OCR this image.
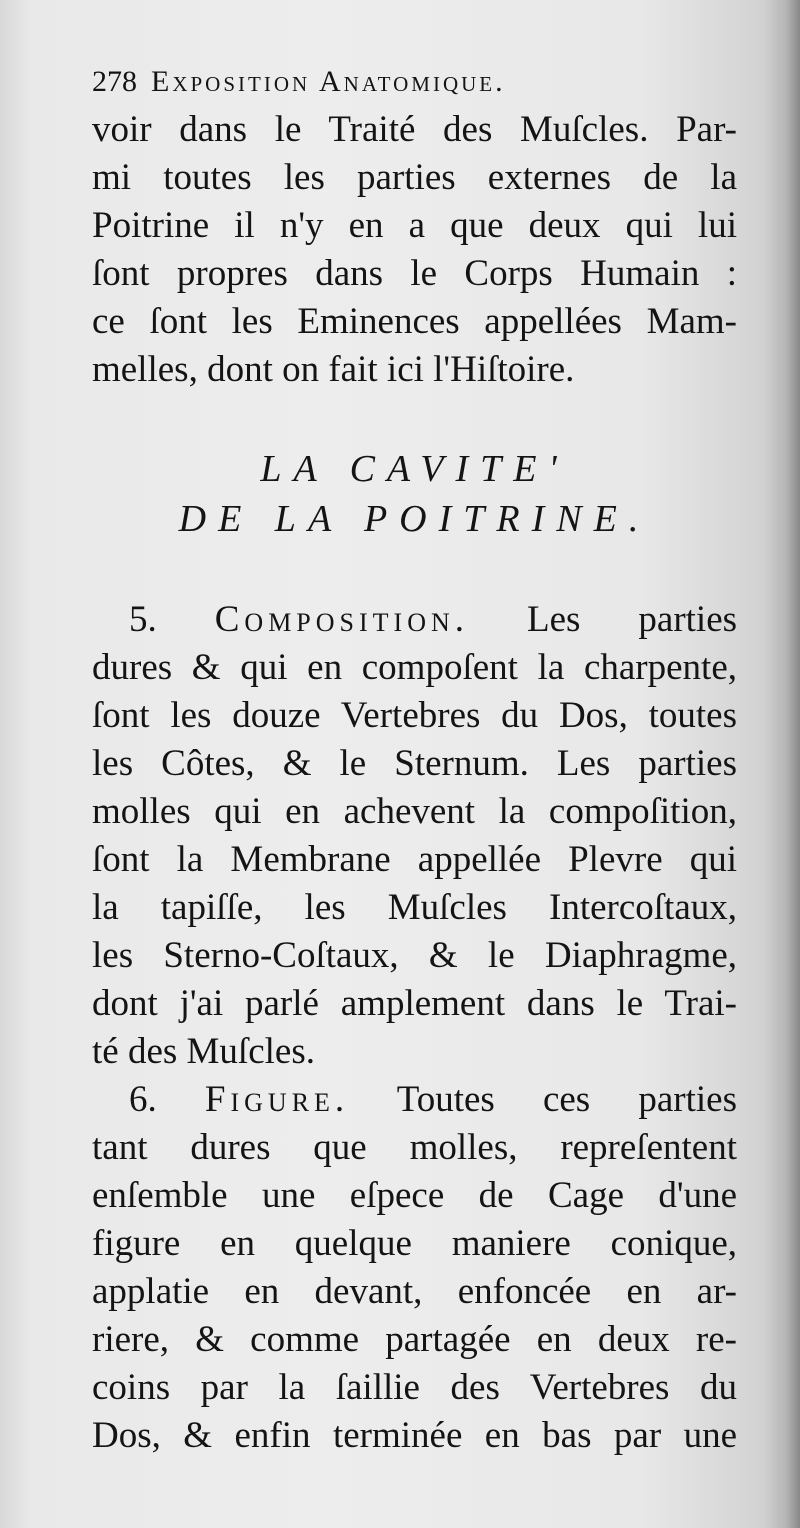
278 Exposition Anatomique.
voir dans le Traité des Muſcles. Par-
mi toutes les parties externes de la
Poitrine il n'y en a que deux qui lui
ſont propres dans le Corps Humain :
ce ſont les Eminences appellées Mam-
melles, dont on fait ici l'Hiſtoire.
LA CAVITE'
DE LA POITRINE.
 5. Composition. Les parties
dures & qui en compoſent la charpente,
ſont les douze Vertebres du Dos, toutes
les Côtes, & le Sternum. Les parties
molles qui en achevent la compoſition,
ſont la Membrane appellée Plevre qui
la tapiſſe, les Muſcles Intercoſtaux,
les Sterno-Coſtaux, & le Diaphragme,
dont j'ai parlé amplement dans le Trai-
té des Muſcles.
 6. Figure. Toutes ces parties
tant dures que molles, repreſentent
enſemble une eſpece de Cage d'une
figure en quelque maniere conique,
applatie en devant, enfoncée en ar-
riere, & comme partagée en deux re-
coins par la ſaillie des Vertebres du
Dos, & enfin terminée en bas par une
